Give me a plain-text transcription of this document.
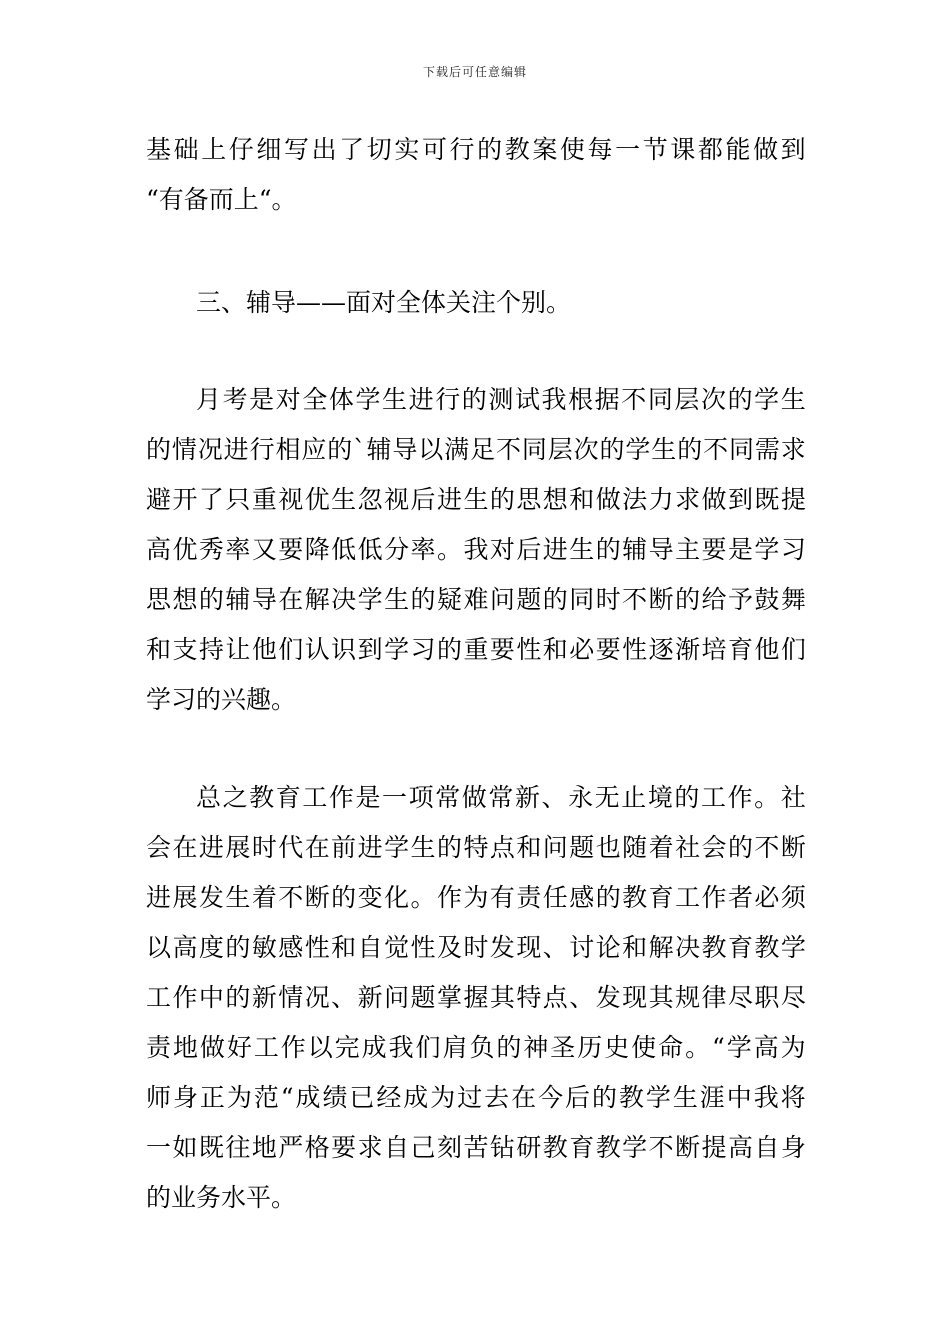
下载后可任意编辑
基 础 上 仔 细 写 出 了 切 实 可 行 的 教 案 使 每 一 节 课 都 能 做 到
“有备而上“。
三、辅导——面对全体关注个别。
月 考 是 对 全 体 学 生 进 行 的 测 试 我 根 据 不 同 层 次 的 学 生
的 情 况 进 行 相 应 的 ` 辅 导 以 满 足 不 同 层 次 的 学 生 的 不 同 需 求
避 开 了 只 重 视 优 生 忽 视 后 进 生 的 思 想 和 做 法 力 求 做 到 既 提
高 优 秀 率 又 要 降 低 低 分 率 。 我 对 后 进 生 的 辅 导 主 要 是 学 习
思 想 的 辅 导 在 解 决 学 生 的 疑 难 问 题 的 同 时 不 断 的 给 予 鼓 舞
和 支 持 让 他 们 认 识 到 学 习 的 重 要 性 和 必 要 性 逐 渐 培 育 他 们
学习的兴趣。
总 之 教 育 工 作 是 一 项 常 做 常 新 、 永 无 止 境 的 工 作 。 社
会 在 进 展 时 代 在 前 进 学 生 的 特 点 和 问 题 也 随 着 社 会 的 不 断
进 展 发 生 着 不 断 的 变 化 。 作 为 有 责 任 感 的 教 育 工 作 者 必 须
以 高 度 的 敏 感 性 和 自 觉 性 及 时 发 现 、 讨 论 和 解 决 教 育 教 学
工 作 中 的 新 情 况 、 新 问 题 掌 握 其 特 点 、 发 现 其 规 律 尽 职 尽
责 地 做 好 工 作 以 完 成 我 们 肩 负 的 神 圣 历 史 使 命 。 “ 学 高 为
师 身 正 为 范 “ 成 绩 已 经 成 为 过 去 在 今 后 的 教 学 生 涯 中 我 将
一 如 既 往 地 严 格 要 求 自 己 刻 苦 钻 研 教 育 教 学 不 断 提 高 自 身
的业务水平。
